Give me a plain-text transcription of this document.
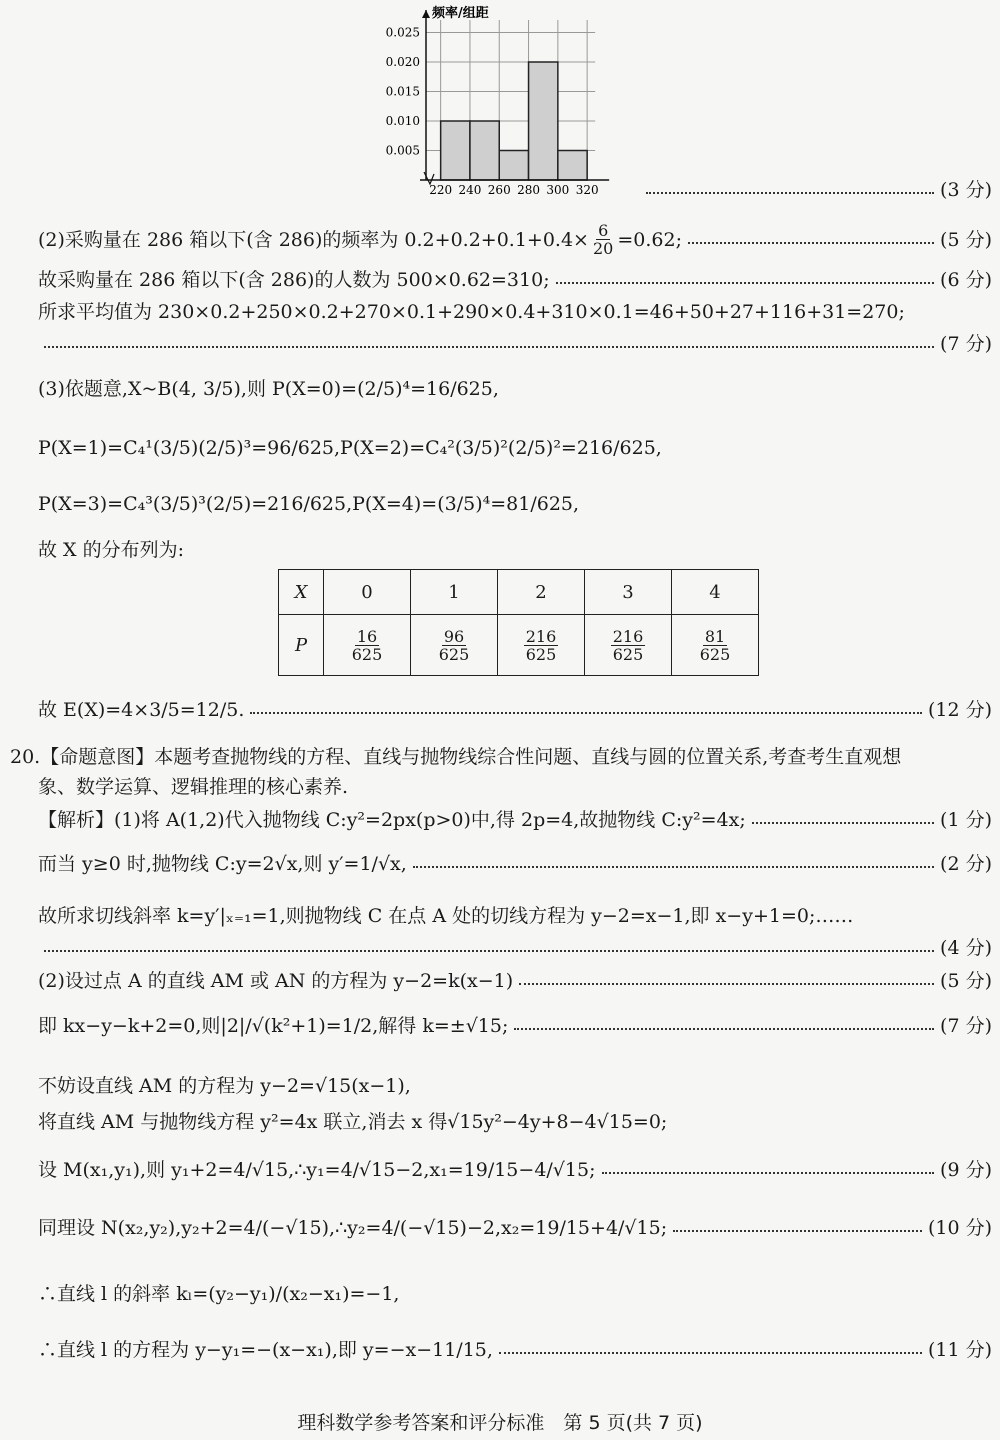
频率/组距
0.025
0.020
0.015
0.010
0.005
220 240 260 280 300 320	(3 分)
(2)采购量在 286 箱以下(含 286)的频率为 $0.2+0.2+0.1+0.4\times \frac{6}{20} =0.62$;	(5 分)
故采购量在 286 箱以下(含 286)的人数为 500×0.62=310;	(6 分)
所求平均值为 230×0.2+250×0.2+270×0.1+290×0.4+310×0.1=46+50+27+116+31=270;
(7 分)
(3)依题意,X~B(4, 3/5),则 P(X=0)=(2/5)⁴=16/625,
P(X=1)=C₄¹(3/5)(2/5)³=96/625,P(X=2)=C₄²(3/5)²(2/5)²=216/625,
P(X=3)=C₄³(3/5)³(2/5)=216/625,P(X=4)=(3/5)⁴=81/625,
故 X 的分布列为:
X	0	1	2	3	4
P	$\frac{16}{625}$	$\frac{96}{625}$	$\frac{216}{625}$	$\frac{216}{625}$	$\frac{81}{625}$
故 E(X)=4×3/5=12/5.	(12 分)
20.【命题意图】本题考查抛物线的方程、直线与抛物线综合性问题、直线与圆的位置关系,考查考生直观想
象、数学运算、逻辑推理的核心素养.
【解析】(1)将 A(1,2)代入抛物线 C:y²=2px(p>0)中,得 2p=4,故抛物线 C:y²=4x;	(1 分)
而当 y≥0 时,抛物线 C:y=2√x,则 y′=1/√x,	(2 分)
故所求切线斜率 k=y′|ₓ₌₁=1,则抛物线 C 在点 A 处的切线方程为 y−2=x−1,即 x−y+1=0;……
(4 分)
(2)设过点 A 的直线 AM 或 AN 的方程为 y−2=k(x−1)	(5 分)
即 kx−y−k+2=0,则|2|/√(k²+1)=1/2,解得 k=±√15;	(7 分)
不妨设直线 AM 的方程为 y−2=√15(x−1),
将直线 AM 与抛物线方程 y²=4x 联立,消去 x 得√15y²−4y+8−4√15=0;
设 M(x₁,y₁),则 y₁+2=4/√15,∴y₁=4/√15−2,x₁=19/15−4/√15;	(9 分)
同理设 N(x₂,y₂),y₂+2=4/(−√15),∴y₂=4/(−√15)−2,x₂=19/15+4/√15;	(10 分)
∴直线 l 的斜率 kₗ=(y₂−y₁)/(x₂−x₁)=−1,
∴直线 l 的方程为 y−y₁=−(x−x₁),即 y=−x−11/15,	(11 分)
理科数学参考答案和评分标准　第 5 页(共 7 页)
